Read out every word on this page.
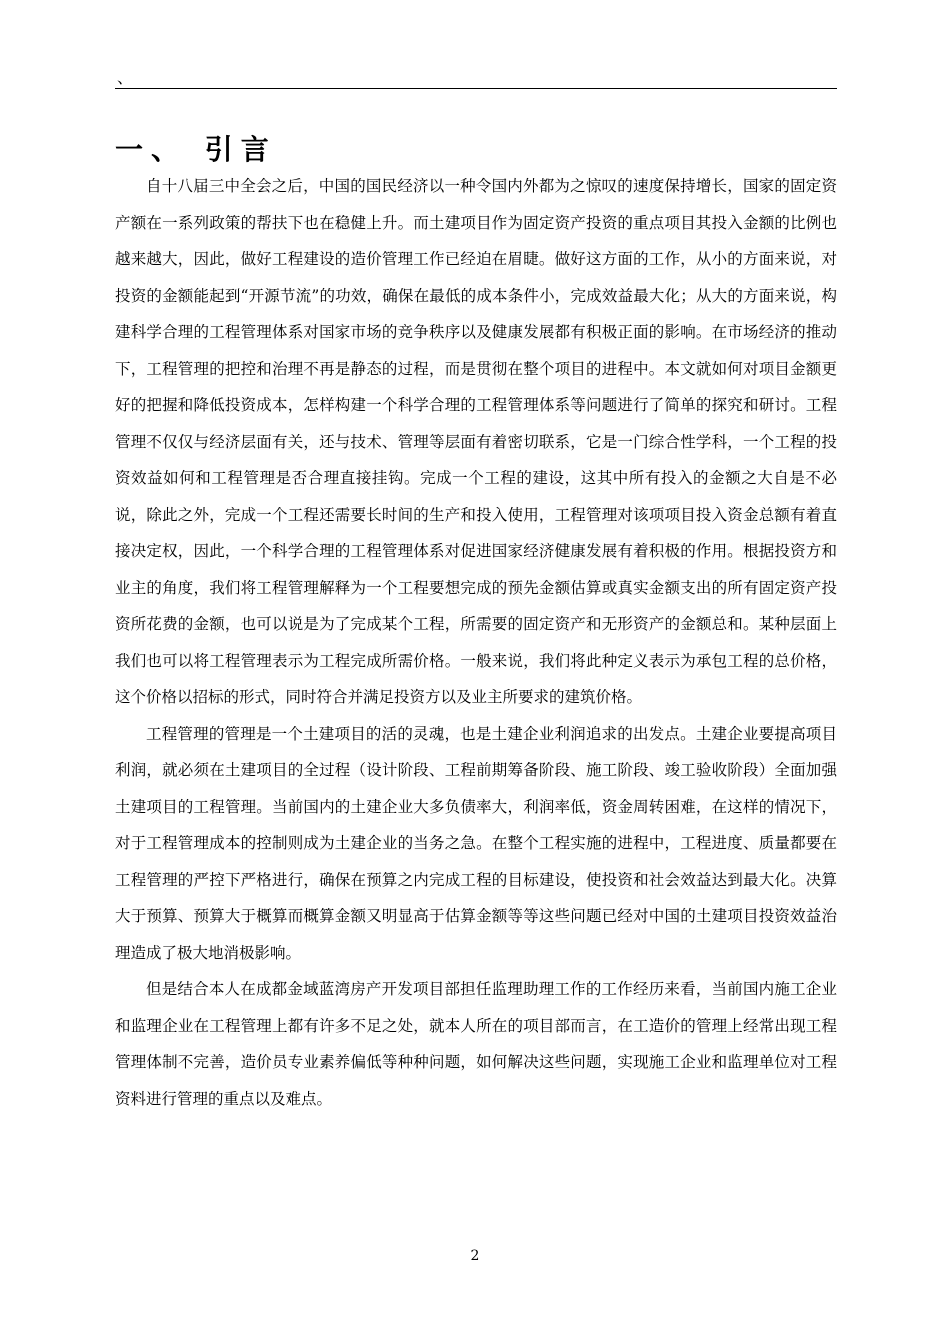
、
一、 引言

自十八届三中全会之后，中国的国民经济以一种令国内外都为之惊叹的速度保持增长，国家的固定资产额在一系列政策的帮扶下也在稳健上升。而土建项目作为固定资产投资的重点项目其投入金额的比例也越来越大，因此，做好工程建设的造价管理工作已经迫在眉睫。做好这方面的工作，从小的方面来说，对投资的金额能起到“开源节流”的功效，确保在最低的成本条件小，完成效益最大化；从大的方面来说，构建科学合理的工程管理体系对国家市场的竞争秩序以及健康发展都有积极正面的影响。在市场经济的推动下，工程管理的把控和治理不再是静态的过程，而是贯彻在整个项目的进程中。本文就如何对项目金额更好的把握和降低投资成本，怎样构建一个科学合理的工程管理体系等问题进行了简单的探究和研讨。工程管理不仅仅与经济层面有关，还与技术、管理等层面有着密切联系，它是一门综合性学科，一个工程的投资效益如何和工程管理是否合理直接挂钩。完成一个工程的建设，这其中所有投入的金额之大自是不必说，除此之外，完成一个工程还需要长时间的生产和投入使用，工程管理对该项项目投入资金总额有着直接决定权，因此，一个科学合理的工程管理体系对促进国家经济健康发展有着积极的作用。根据投资方和业主的角度，我们将工程管理解释为一个工程要想完成的预先金额估算或真实金额支出的所有固定资产投资所花费的金额，也可以说是为了完成某个工程，所需要的固定资产和无形资产的金额总和。某种层面上我们也可以将工程管理表示为工程完成所需价格。一般来说，我们将此种定义表示为承包工程的总价格，这个价格以招标的形式，同时符合并满足投资方以及业主所要求的建筑价格。

工程管理的管理是一个土建项目的活的灵魂，也是土建企业利润追求的出发点。土建企业要提高项目利润，就必须在土建项目的全过程（设计阶段、工程前期筹备阶段、施工阶段、竣工验收阶段）全面加强土建项目的工程管理。当前国内的土建企业大多负债率大，利润率低，资金周转困难，在这样的情况下，对于工程管理成本的控制则成为土建企业的当务之急。在整个工程实施的进程中，工程进度、质量都要在工程管理的严控下严格进行，确保在预算之内完成工程的目标建设，使投资和社会效益达到最大化。决算大于预算、预算大于概算而概算金额又明显高于估算金额等等这些问题已经对中国的土建项目投资效益治理造成了极大地消极影响。

但是结合本人在成都金域蓝湾房产开发项目部担任监理助理工作的工作经历来看，当前国内施工企业和监理企业在工程管理上都有许多不足之处，就本人所在的项目部而言，在工造价的管理上经常出现工程管理体制不完善，造价员专业素养偏低等种种问题，如何解决这些问题，实现施工企业和监理单位对工程资料进行管理的重点以及难点。

2
